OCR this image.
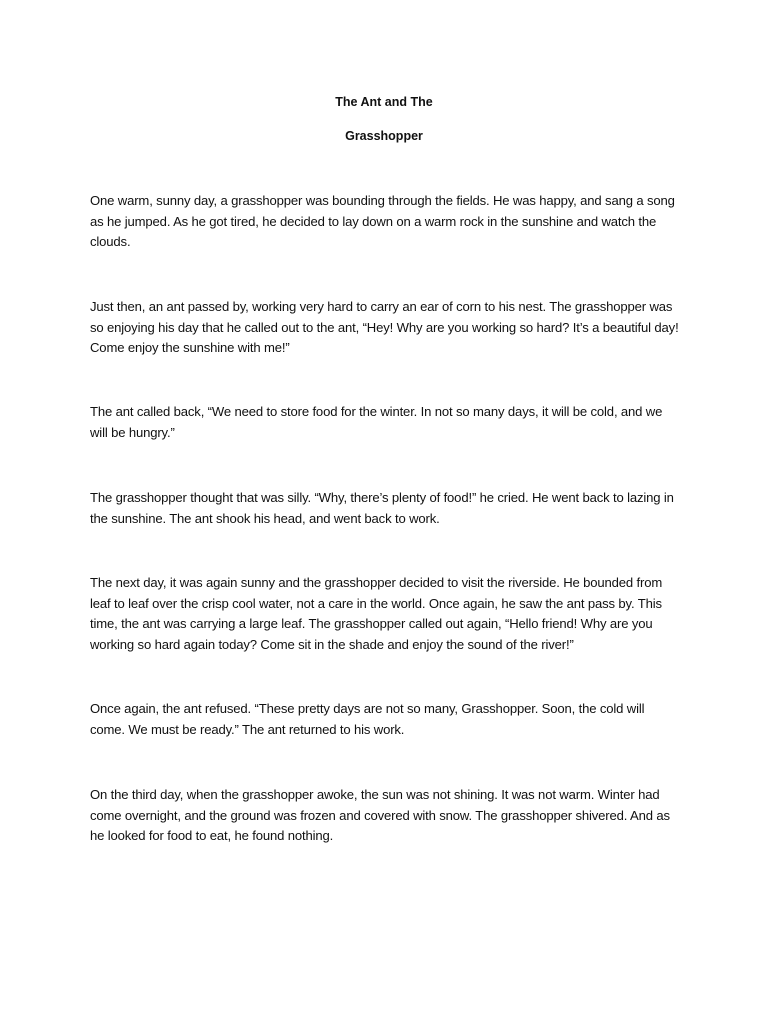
The Ant and The
Grasshopper

One warm, sunny day, a grasshopper was bounding through the fields. He was happy, and sang a song as he jumped. As he got tired, he decided to lay down on a warm rock in the sunshine and watch the clouds.

Just then, an ant passed by, working very hard to carry an ear of corn to his nest. The grasshopper was so enjoying his day that he called out to the ant, “Hey! Why are you working so hard? It’s a beautiful day! Come enjoy the sunshine with me!”

The ant called back, “We need to store food for the winter. In not so many days, it will be cold, and we will be hungry.”

The grasshopper thought that was silly. “Why, there’s plenty of food!” he cried. He went back to lazing in the sunshine. The ant shook his head, and went back to work.

The next day, it was again sunny and the grasshopper decided to visit the riverside. He bounded from leaf to leaf over the crisp cool water, not a care in the world. Once again, he saw the ant pass by. This time, the ant was carrying a large leaf. The grasshopper called out again, “Hello friend! Why are you working so hard again today? Come sit in the shade and enjoy the sound of the river!”

Once again, the ant refused. “These pretty days are not so many, Grasshopper. Soon, the cold will come. We must be ready.” The ant returned to his work.

On the third day, when the grasshopper awoke, the sun was not shining. It was not warm. Winter had come overnight, and the ground was frozen and covered with snow. The grasshopper shivered. And as he looked for food to eat, he found nothing.
